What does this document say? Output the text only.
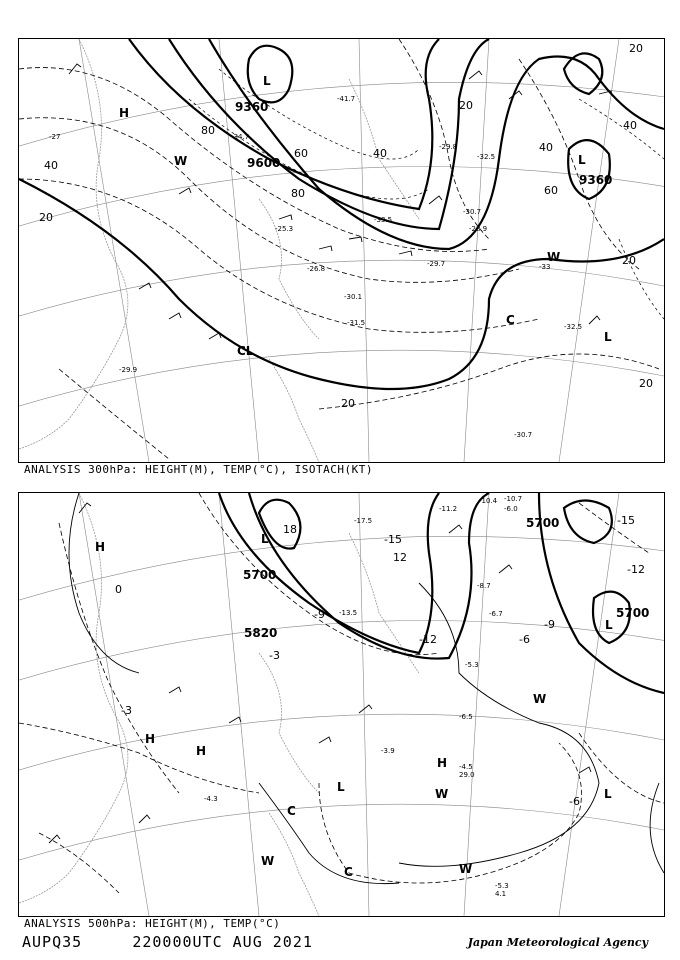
9360
9600
9360
80
80
60
40
20
40
20
40
60
20
40
20
20
20
-41.7
-34.7
-33.5
-32.5
-30.7
-29.8
-29.7
-28.9
-30.1
-31.5	-32.5
-33
-29.9
-30.7
-27
-25.3
-26.8
H
L
L
CL
C
L
W
W
ANALYSIS 300hPa: HEIGHT(M), TEMP(°C), ISOTACH(KT)
5700
5700
5700
5820
-15
-12
-9
-6
-3
0
-3
12
18
-6
-15
-12
-9
-10.4
-11.2
-10.7
-6.0
-8.7
-6.7
-5.3
-6.5
-4.5
29.0
-3.9
-4.3
-5.3
4.1
-13.5
-17.5
H
L
L
H
H
H
L	L
C
C
W
W
W
W
ANALYSIS 500hPa: HEIGHT(M), TEMP(°C)
AUPQ35	220000UTC AUG 2021	Japan Meteorological Agency
